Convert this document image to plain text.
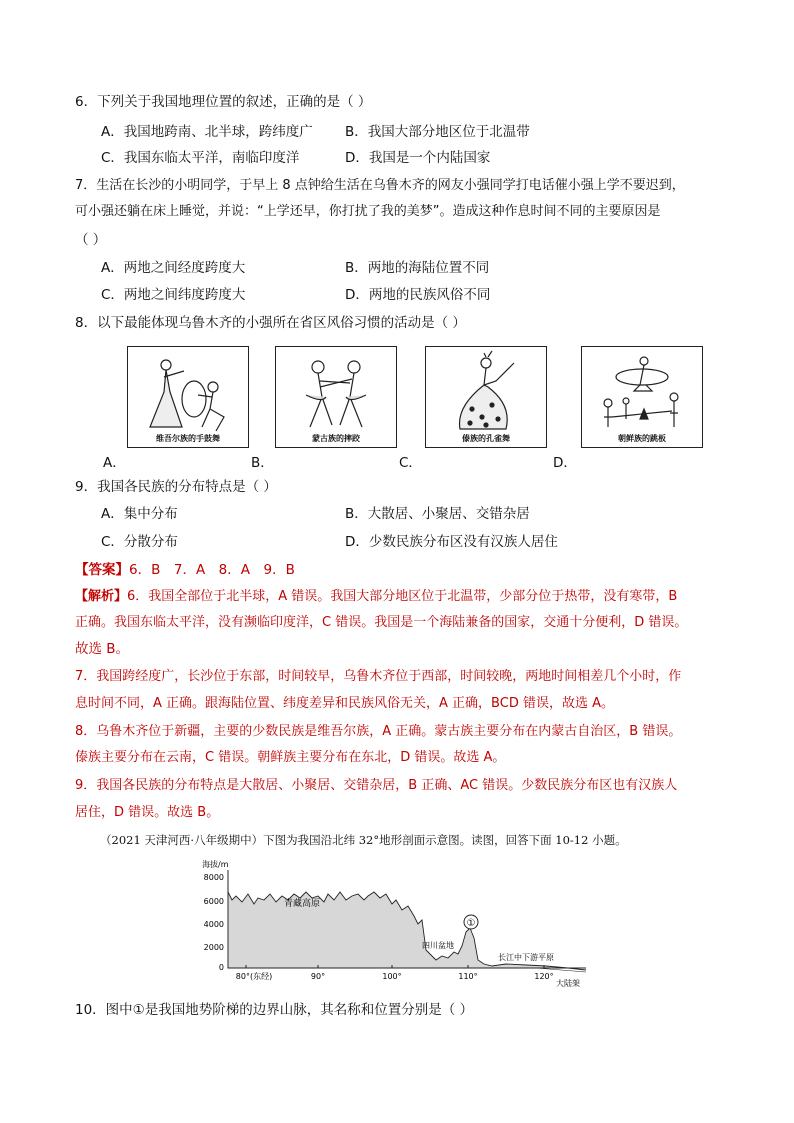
6．下列关于我国地理位置的叙述，正确的是（ ）
A．我国地跨南、北半球，跨纬度广 B．我国大部分地区位于北温带
C．我国东临太平洋，南临印度洋	D．我国是一个内陆国家
7．生活在长沙的小明同学，于早上 8 点钟给生活在乌鲁木齐的网友小强同学打电话催小强上学不要迟到，
可小强还躺在床上睡觉，并说：“上学还早，你打扰了我的美梦”。造成这种作息时间不同的主要原因是
（ ）
A．两地之间经度跨度大	B．两地的海陆位置不同
C．两地之间纬度跨度大	D．两地的民族风俗不同
8．以下最能体现乌鲁木齐的小强所在省区风俗习惯的活动是（ ）
维吾尔族的手鼓舞
A．
蒙古族的摔跤
B．
傣族的孔雀舞
C．
朝鲜族的跳板
D．
9．我国各民族的分布特点是（ ）
A．集中分布	B．大散居、小聚居、交错杂居
C．分散分布	D．少数民族分布区没有汉族人居住
【答案】6．B　7．A　8．A　9．B
【解析】6．我国全部位于北半球，A 错误。我国大部分地区位于北温带，少部分位于热带，没有寒带，B
正确。我国东临太平洋，没有濒临印度洋，C 错误。我国是一个海陆兼备的国家，交通十分便利，D 错误。
故选 B。
7．我国跨经度广，长沙位于东部，时间较早，乌鲁木齐位于西部，时间较晚，两地时间相差几个小时，作
息时间不同，A 正确。跟海陆位置、纬度差异和民族风俗无关，A 正确，BCD 错误，故选 A。
8．乌鲁木齐位于新疆，主要的少数民族是维吾尔族，A 正确。蒙古族主要分布在内蒙古自治区，B 错误。
傣族主要分布在云南，C 错误。朝鲜族主要分布在东北，D 错误。故选 A。
9．我国各民族的分布特点是大散居、小聚居、交错杂居，B 正确、AC 错误。少数民族分布区也有汉族人
居住，D 错误。故选 B。
（2021 天津河西·八年级期中）下图为我国沿北纬 32°地形剖面示意图。读图，回答下面 10-12 小题。
海拔/m
8000
6000
4000
2000
0
80°(东经)	90°	100°	110°	120°
青藏高原
四川盆地
长江中下游平原
大陆架
①
10．图中①是我国地势阶梯的边界山脉，其名称和位置分别是（ ）
